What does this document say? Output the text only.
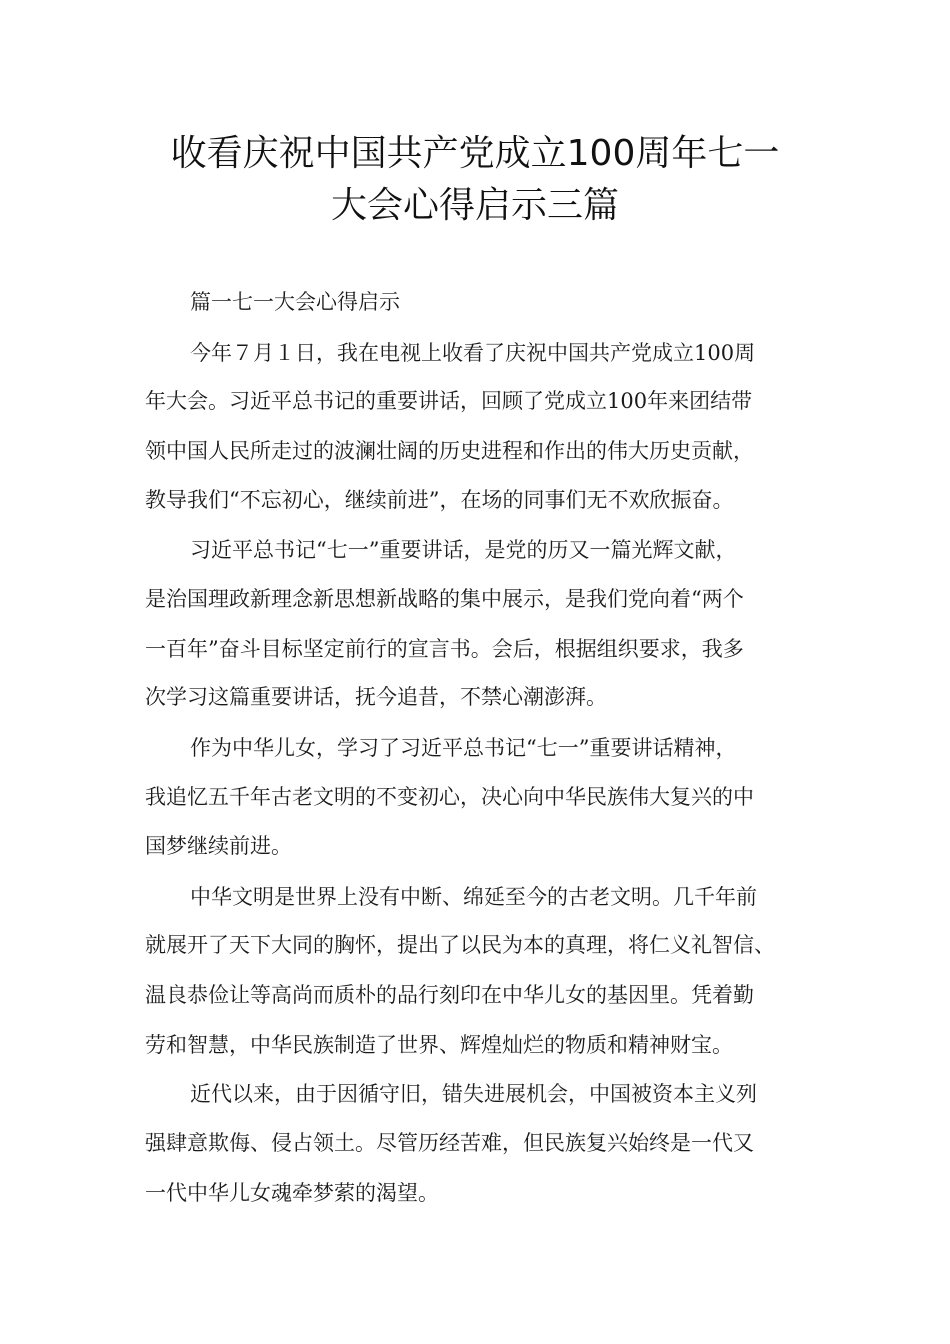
收看庆祝中国共产党成立100周年七一
大会心得启示三篇
篇一七一大会心得启示
今年７月１日，我在电视上收看了庆祝中国共产党成立100周
年大会。习近平总书记的重要讲话，回顾了党成立100年来团结带
领中国人民所走过的波澜壮阔的历史进程和作出的伟大历史贡献，
教导我们“不忘初心，继续前进”，在场的同事们无不欢欣振奋。
习近平总书记“七一”重要讲话，是党的历又一篇光辉文献，
是治国理政新理念新思想新战略的集中展示，是我们党向着“两个
一百年”奋斗目标坚定前行的宣言书。会后，根据组织要求，我多
次学习这篇重要讲话，抚今追昔，不禁心潮澎湃。
作为中华儿女，学习了习近平总书记“七一”重要讲话精神，
我追忆五千年古老文明的不变初心，决心向中华民族伟大复兴的中
国梦继续前进。
中华文明是世界上没有中断、绵延至今的古老文明。几千年前
就展开了天下大同的胸怀，提出了以民为本的真理，将仁义礼智信、
温良恭俭让等高尚而质朴的品行刻印在中华儿女的基因里。凭着勤
劳和智慧，中华民族制造了世界、辉煌灿烂的物质和精神财宝。
近代以来，由于因循守旧，错失进展机会，中国被资本主义列
强肆意欺侮、侵占领土。尽管历经苦难，但民族复兴始终是一代又
一代中华儿女魂牵梦萦的渴望。
